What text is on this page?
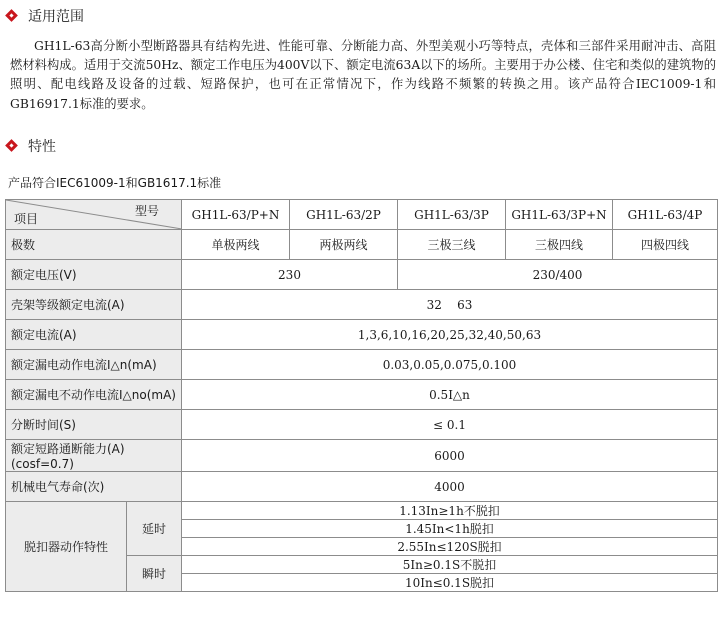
适用范围

GH1L-63高分断小型断路器具有结构先进、性能可靠、分断能力高、外型美观小巧等特点，壳体和三部件采用耐冲击、高阻燃材料构成。适用于交流50Hz、额定工作电压为400V以下、额定电流63A以下的场所。主要用于办公楼、住宅和类似的建筑物的照明、配电线路及设备的过载、短路保护，也可在正常情况下，作为线路不频繁的转换之用。该产品符合IEC1009-1和GB16917.1标准的要求。

特性
产品符合IEC61009-1和GB1617.1标准
型号
项目		GH1L-63/P+N	GH1L-63/2P	GH1L-63/3P	GH1L-63/3P+N	GH1L-63/4P
极数		单极两线	两极两线	三极三线	三极四线	四极四线
额定电压(V)		230		230/400		
壳架等级额定电流(A)		32    63				
额定电流(A)		1,3,6,10,16,20,25,32,40,50,63				
额定漏电动作电流I△n(mA)		0.03,0.05,0.075,0.100				
额定漏电不动作电流I△no(mA)		0.5I△n				
分断时间(S)		≤ 0.1				
额定短路通断能力(A)(cosf=0.7)		6000				
机械电气寿命(次)		4000				
脱扣器动作特性	延时	1.13In≥1h不脱扣				
		1.45In<1h脱扣				
		2.55In≤120S脱扣				
	瞬时	5In≥0.1S不脱扣				
		10In≤0.1S脱扣				
